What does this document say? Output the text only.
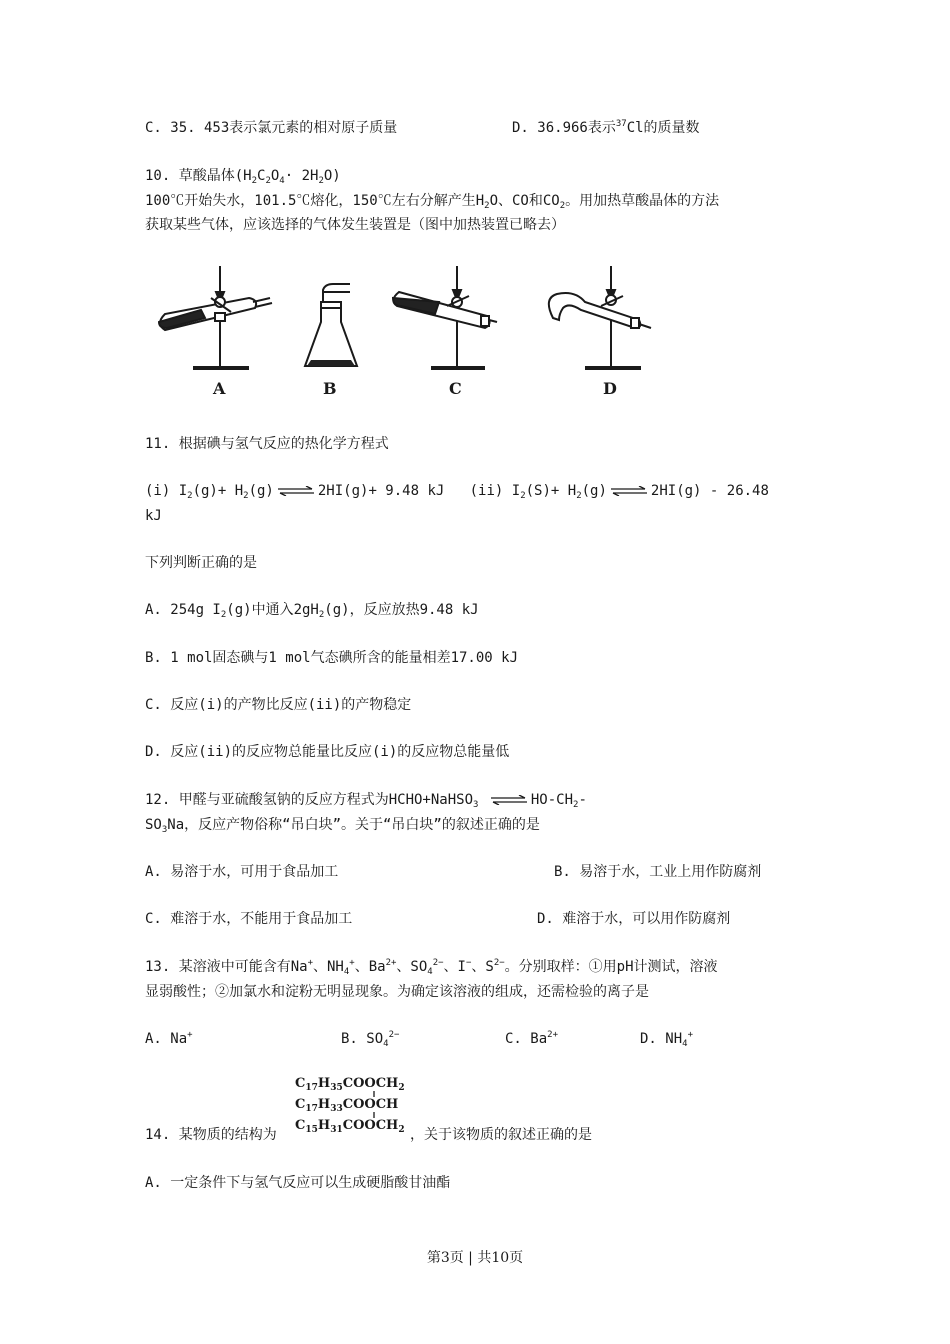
C. 35. 453表示氯元素的相对原子质量	D. 36.966表示$^{37}$Cl的质量数
10. 草酸晶体$(H_2C_2O_4\cdot 2H_2O)$
100℃开始失水，101.5℃熔化，150℃左右分解产生$H_2O$、CO和$CO_2$。用加热草酸晶体的方法
获取某些气体，应该选择的气体发生装置是（图中加热装置已略去）
A	B	C	D
11. 根据碘与氢气反应的热化学方程式
(i) $I_2(g)+ H_2(g)$	2HI(g)+ 9.48 kJ (ii) $I_2(S)+ H_2(g)$	2HI(g) - 26.48
kJ
下列判断正确的是
A. 254g $I_2(g)$中通入$2gH_2(g)$，反应放热9.48 kJ
B. 1 mol固态碘与1 mol气态碘所含的能量相差17.00 kJ
C. 反应(i)的产物比反应(ii)的产物稳定
D. 反应(ii)的反应物总能量比反应(i)的反应物总能量低
12. 甲醛与亚硫酸氢钠的反应方程式为HCHO+NaHSO$_3$	$HO-CH_2-$
$SO_3Na$，反应产物俗称“吊白块”。关于“吊白块”的叙述正确的是
A. 易溶于水，可用于食品加工	B. 易溶于水，工业上用作防腐剂
C. 难溶于水，不能用于食品加工	D. 难溶于水，可以用作防腐剂
13. 某溶液中可能含有Na+、$NH_4^+$、$Ba^{2+}$、$SO_4^{2-}$、I−、$S^{2-}$。分别取样：①用pH计测试，溶液
显弱酸性；②加氯水和淀粉无明显现象。为确定该溶液的组成，还需检验的离子是
A. Na+	B. $SO_4^{2-}$	C. $Ba^{2+}$	D. $NH_4^+$
$C_{17}H_{35}COOCH_2$
$C_{17}H_{33}COOCH$
$C_{15}H_{31}COOCH_2$
14. 某物质的结构为	，关于该物质的叙述正确的是
A. 一定条件下与氢气反应可以生成硬脂酸甘油酯
第3页 | 共10页
